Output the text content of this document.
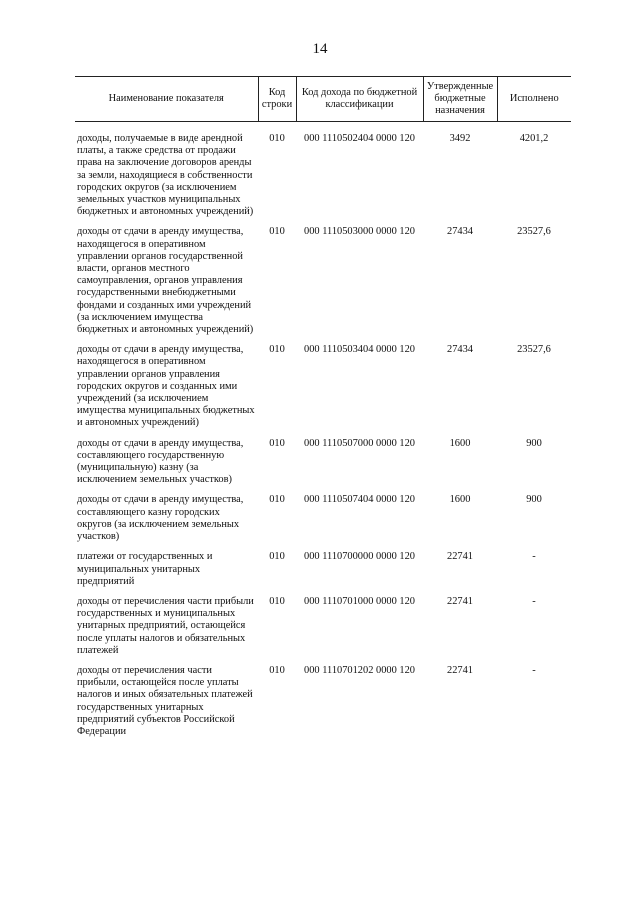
14
Наименование показателя	Код строки	Код дохода по бюджетной классификации	Утвержденные бюджетные назначения	Исполнено

доходы, получаемые в виде арендной платы, а также средства от продажи права на заключение договоров аренды за земли, находящиеся в собственности городских округов (за исключением земельных участков муниципальных бюджетных и автономных учреждений)	010	000 1110502404 0000 120	3492	4201,2
доходы от сдачи в аренду имущества, находящегося в оперативном управлении органов государственной власти, органов местного самоуправления, органов управления государственными внебюджетными фондами и созданных ими учреждений (за исключением имущества бюджетных и автономных учреждений)	010	000 1110503000 0000 120	27434	23527,6
доходы от сдачи в аренду имущества, находящегося в оперативном управлении органов управления городских округов и созданных ими учреждений (за исключением имущества муниципальных бюджетных и автономных учреждений)	010	000 1110503404 0000 120	27434	23527,6
доходы от сдачи в аренду имущества, составляющего государственную (муниципальную) казну (за исключением земельных участков)	010	000 1110507000 0000 120	1600	900
доходы от сдачи в аренду имущества, составляющего казну городских округов (за исключением земельных участков)	010	000 1110507404 0000 120	1600	900
платежи от государственных и муниципальных унитарных предприятий	010	000 1110700000 0000 120	22741	-
доходы от перечисления части прибыли государственных и муниципальных унитарных предприятий, остающейся после уплаты налогов и обязательных платежей	010	000 1110701000 0000 120	22741	-
доходы от перечисления части прибыли, остающейся после уплаты налогов и иных обязательных платежей государственных унитарных предприятий субъектов Российской Федерации	010	000 1110701202 0000 120	22741	-
